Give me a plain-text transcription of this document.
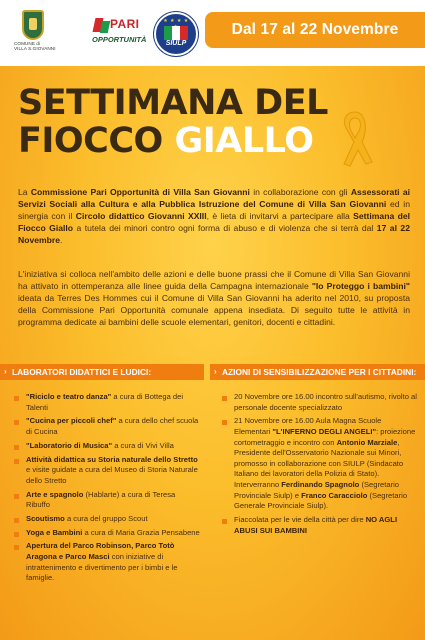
COMUNE di
VILLA S.GIOVANNI
PARI
OPPORTUNITÀ
★ ★ ★ ★
SIULP
Dal 17 al 22 Novembre
SETTIMANA DEL
FIOCCO GIALLO

La Commissione Pari Opportunità di Villa San Giovanni in collaborazione con gli Assessorati ai Servizi Sociali alla Cultura e alla Pubblica Istruzione del Comune di Villa San Giovanni ed in sinergia con il Circolo didattico Giovanni XXIII, è lieta di invitarvi a partecipare alla Settimana del Fiocco Giallo a tutela dei minori contro ogni forma di abuso e di violenza che si terrà dal 17 al 22 Novembre.

L'iniziativa si colloca nell'ambito delle azioni e delle buone prassi che il Comune di Villa San Giovanni ha attivato in ottemperanza alle linee guida della Campagna internazionale "Io Proteggo i bambini" ideata da Terres Des Hommes cui il Comune di Villa San Giovanni ha aderito nel 2010, su proposta della Commissione Pari Opportunità comunale appena insediata. Di seguito tutte le attività in programma dedicate ai bambini delle scuole elementari, genitori, docenti e cittadini.

› LABORATORI DIDATTICI E LUDICI:	› AZIONI DI SENSIBILIZZAZIONE PER I CITTADINI:
"Riciclo e teatro danza" a cura di Bottega dei Talenti
"Cucina per piccoli chef" a cura dello chef scuola di Cucina
"Laboratorio di Musica" a cura di Vivi Villa
Attività didattica su Storia naturale dello Stretto e visite guidate a cura del Museo di Storia Naturale dello Stretto
Arte e spagnolo (Hablarte) a cura di Teresa Ribuffo
Scoutismo a cura del gruppo Scout
Yoga e Bambini a cura di Maria Grazia Pensabene
Apertura del Parco Robinson, Parco Totò Aragona e Parco Masci con iniziative di intrattenimento e divertimento per i bimbi e le famiglie.
20 Novembre ore 16.00 incontro sull'autismo, rivolto al personale docente specializzato
21 Novembre ore 16.00 Aula Magna Scuole Elementari "L'INFERNO DEGLI ANGELI": proiezione cortometraggio e incontro con Antonio Marziale, Presidente dell'Osservatorio Nazionale sui Minori, promosso in collaborazione con SIULP (Sindacato Italiano dei lavoratori della Polizia di Stato). Interverranno Ferdinando Spagnolo (Segretario Provinciale Siulp) e Franco Caracciolo (Segretario Generale Provinciale Siulp).
Fiaccolata per le vie della città per dire NO AGLI ABUSI SUI BAMBINI
